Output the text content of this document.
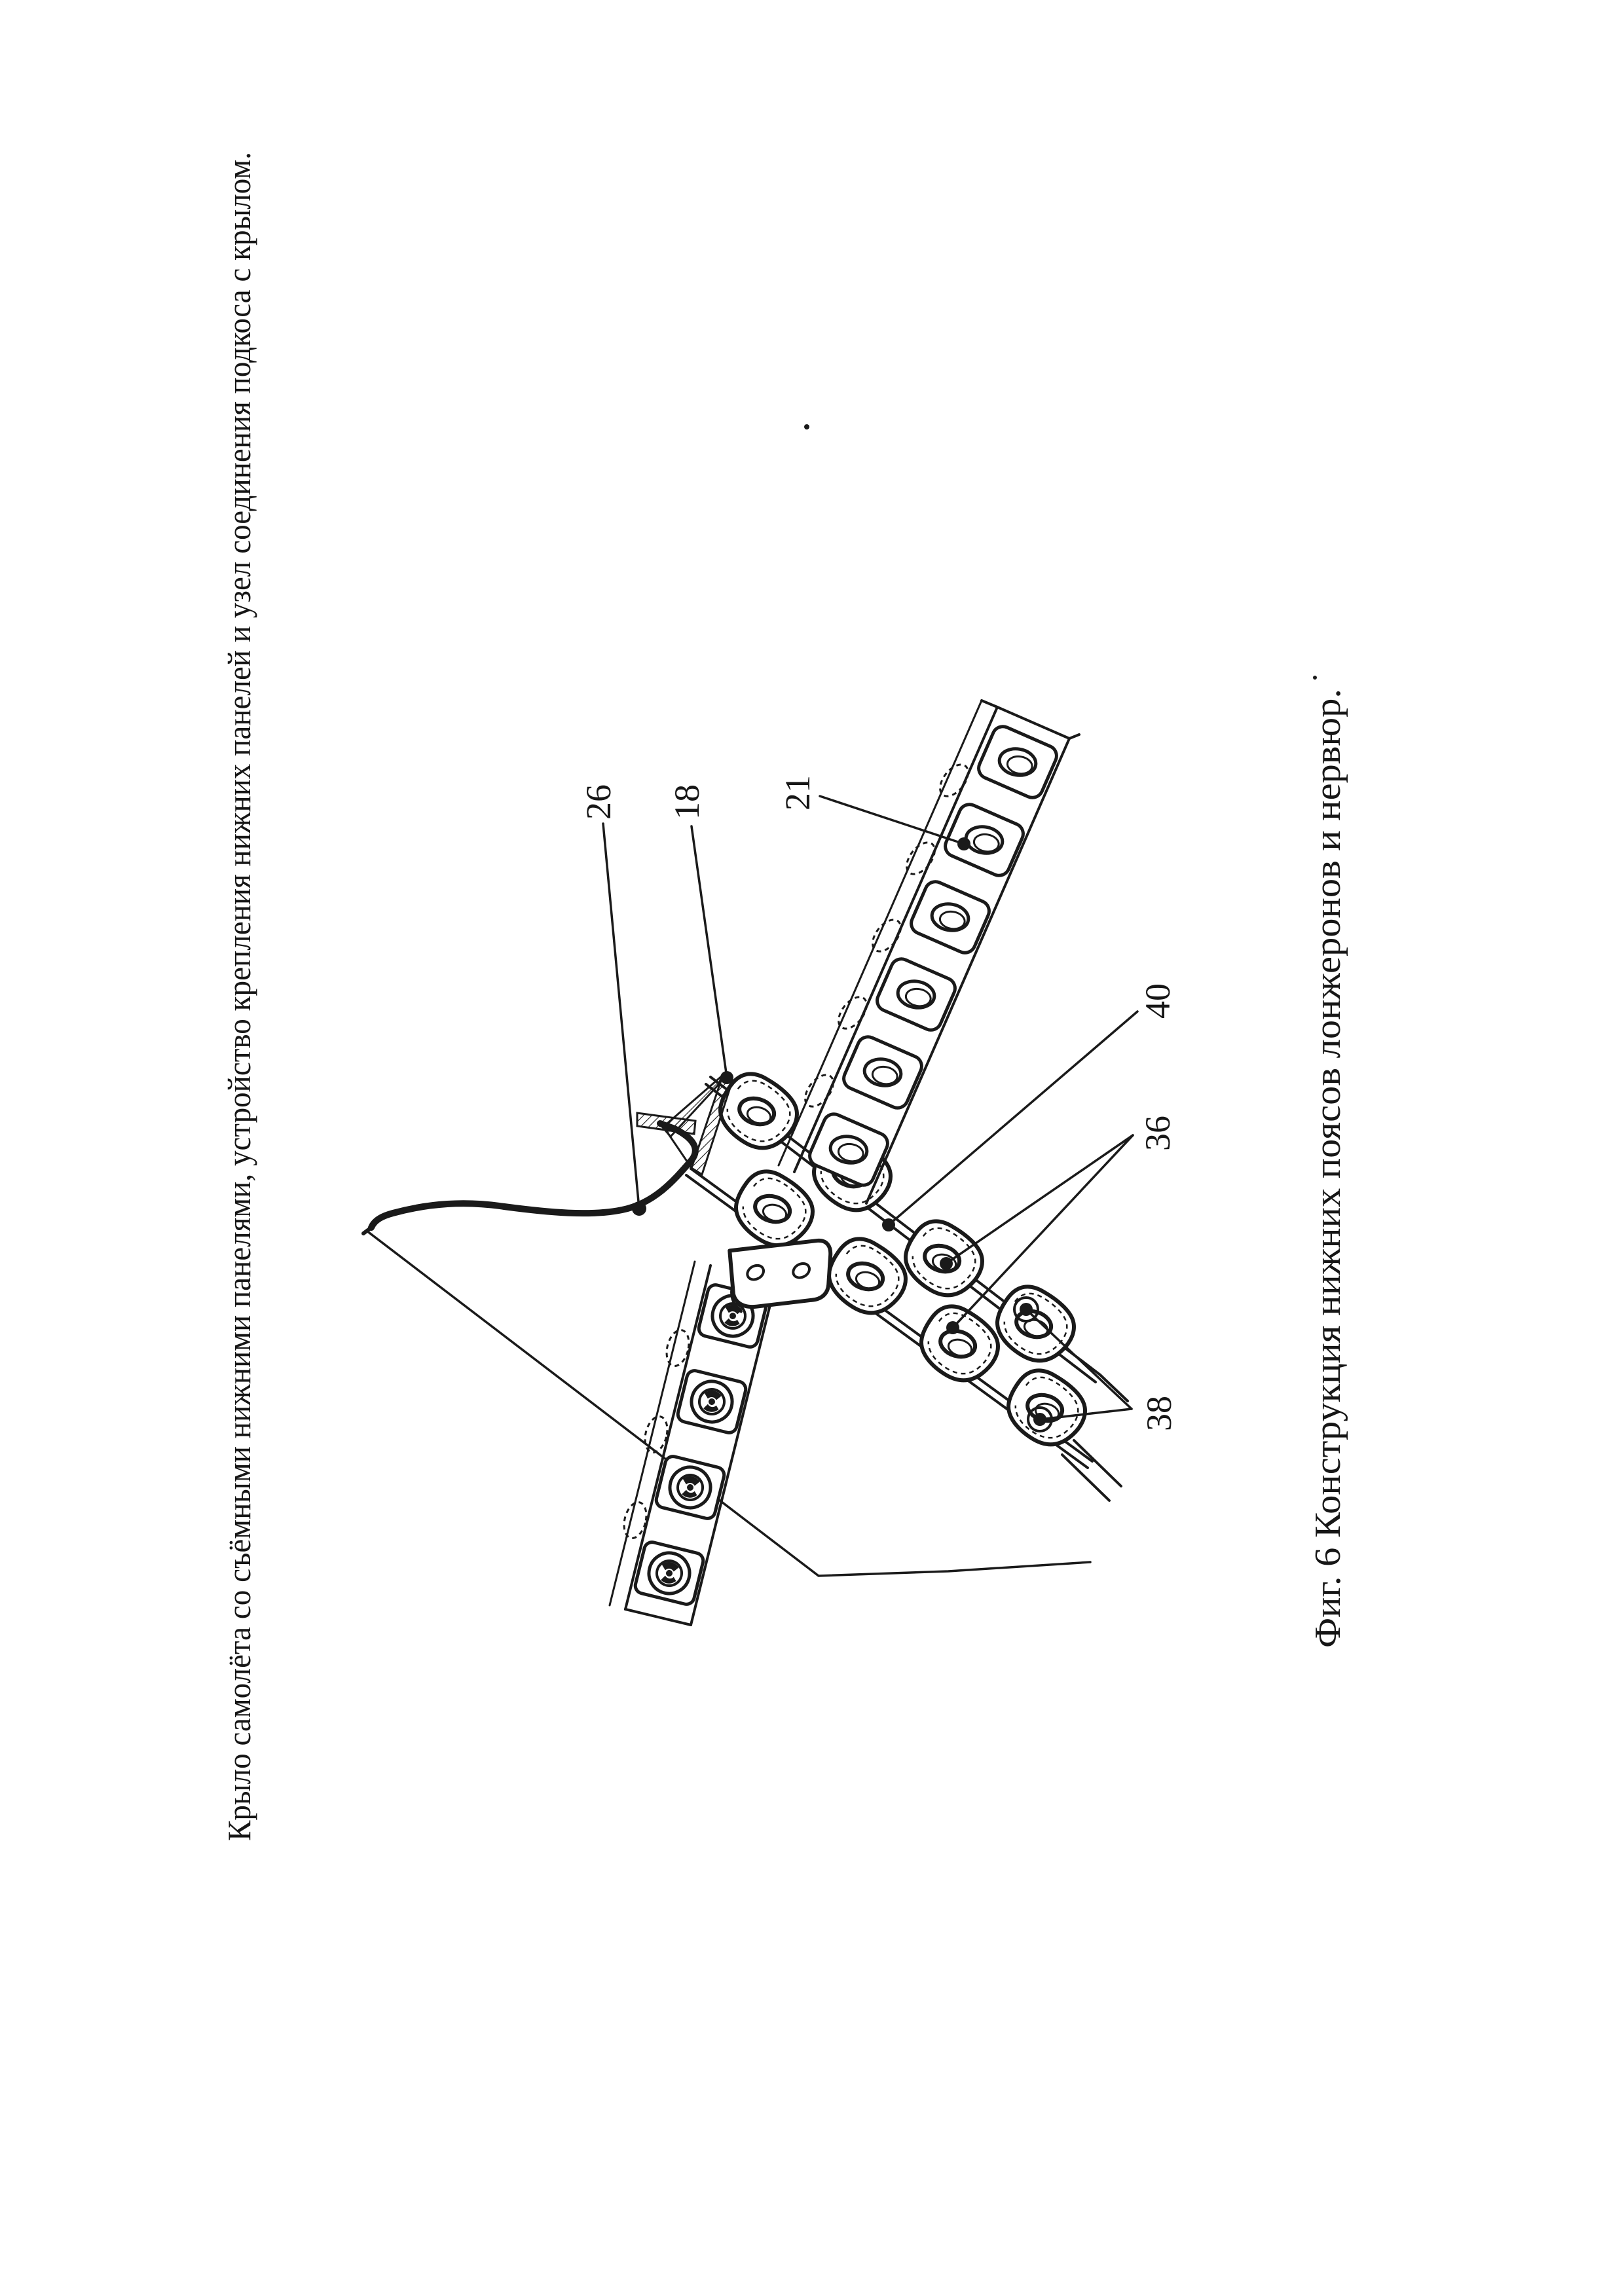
26 18 21
40
36
38
Крыло самолёта со съёмными нижними панелями, устройство крепления нижних панелей и узел соединения подкоса с крылом.	Фиг. 6 Конструкция нижних поясов лонжеронов и нервюр.
